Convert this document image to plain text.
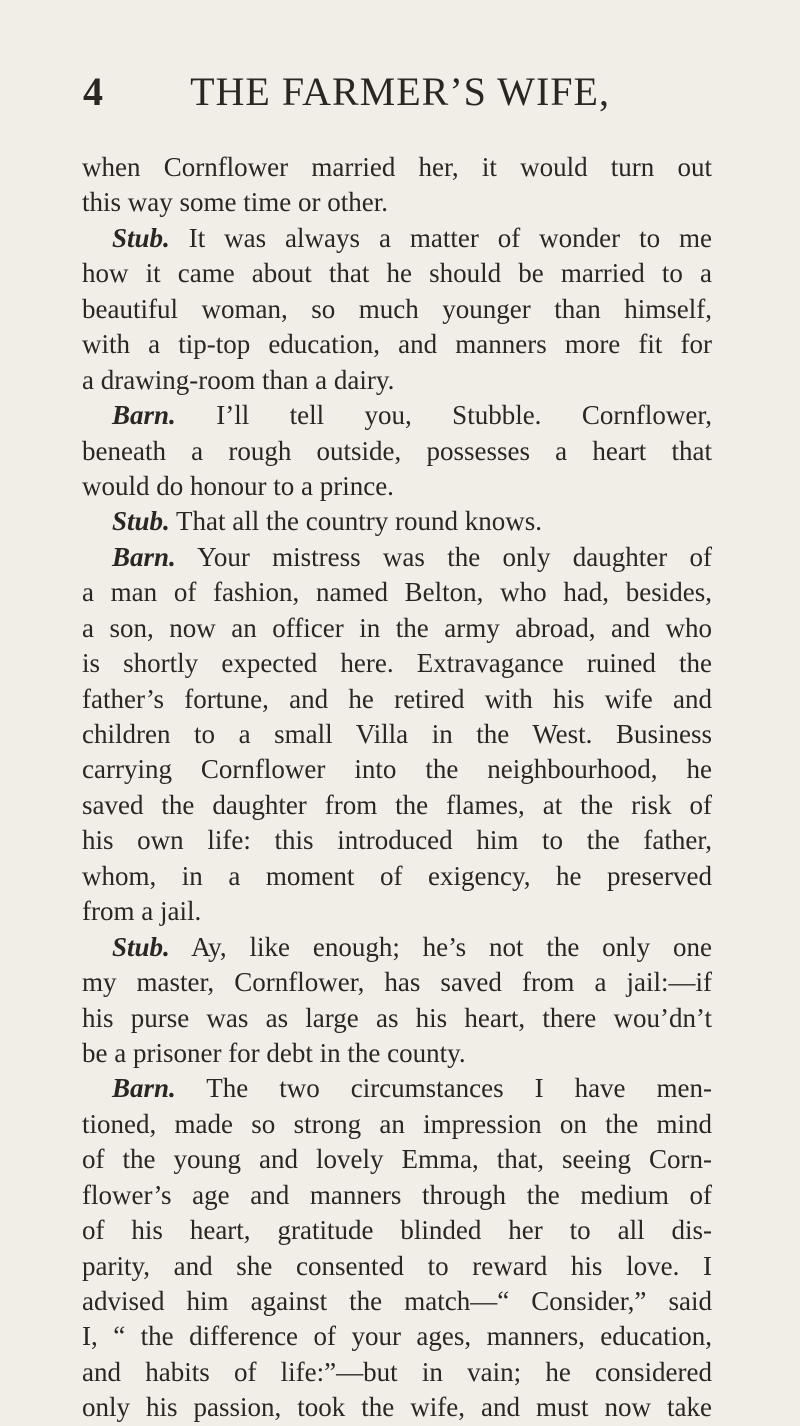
4	THE FARMER’S WIFE,
when Cornflower married her, it would turn out
this way some time or other.
Stub. It was always a matter of wonder to me
how it came about that he should be married to a
beautiful woman, so much younger than himself,
with a tip-top education, and manners more fit for
a drawing-room than a dairy.
Barn. I’ll tell you, Stubble. Cornflower,
beneath a rough outside, possesses a heart that
would do honour to a prince.
Stub. That all the country round knows.
Barn. Your mistress was the only daughter of
a man of fashion, named Belton, who had, besides,
a son, now an officer in the army abroad, and who
is shortly expected here. Extravagance ruined the
father’s fortune, and he retired with his wife and
children to a small Villa in the West. Business
carrying Cornflower into the neighbourhood, he
saved the daughter from the flames, at the risk of
his own life: this introduced him to the father,
whom, in a moment of exigency, he preserved
from a jail.
Stub. Ay, like enough; he’s not the only one
my master, Cornflower, has saved from a jail:—if
his purse was as large as his heart, there wou’dn’t
be a prisoner for debt in the county.
Barn. The two circumstances I have men-
tioned, made so strong an impression on the mind
of the young and lovely Emma, that, seeing Corn-
flower’s age and manners through the medium of
of his heart, gratitude blinded her to all dis-
parity, and she consented to reward his love. I
advised him against the match—“ Consider,” said
I, “ the difference of your ages, manners, education,
and habits of life:”—but in vain; he considered
only his passion, took the wife, and must now take
